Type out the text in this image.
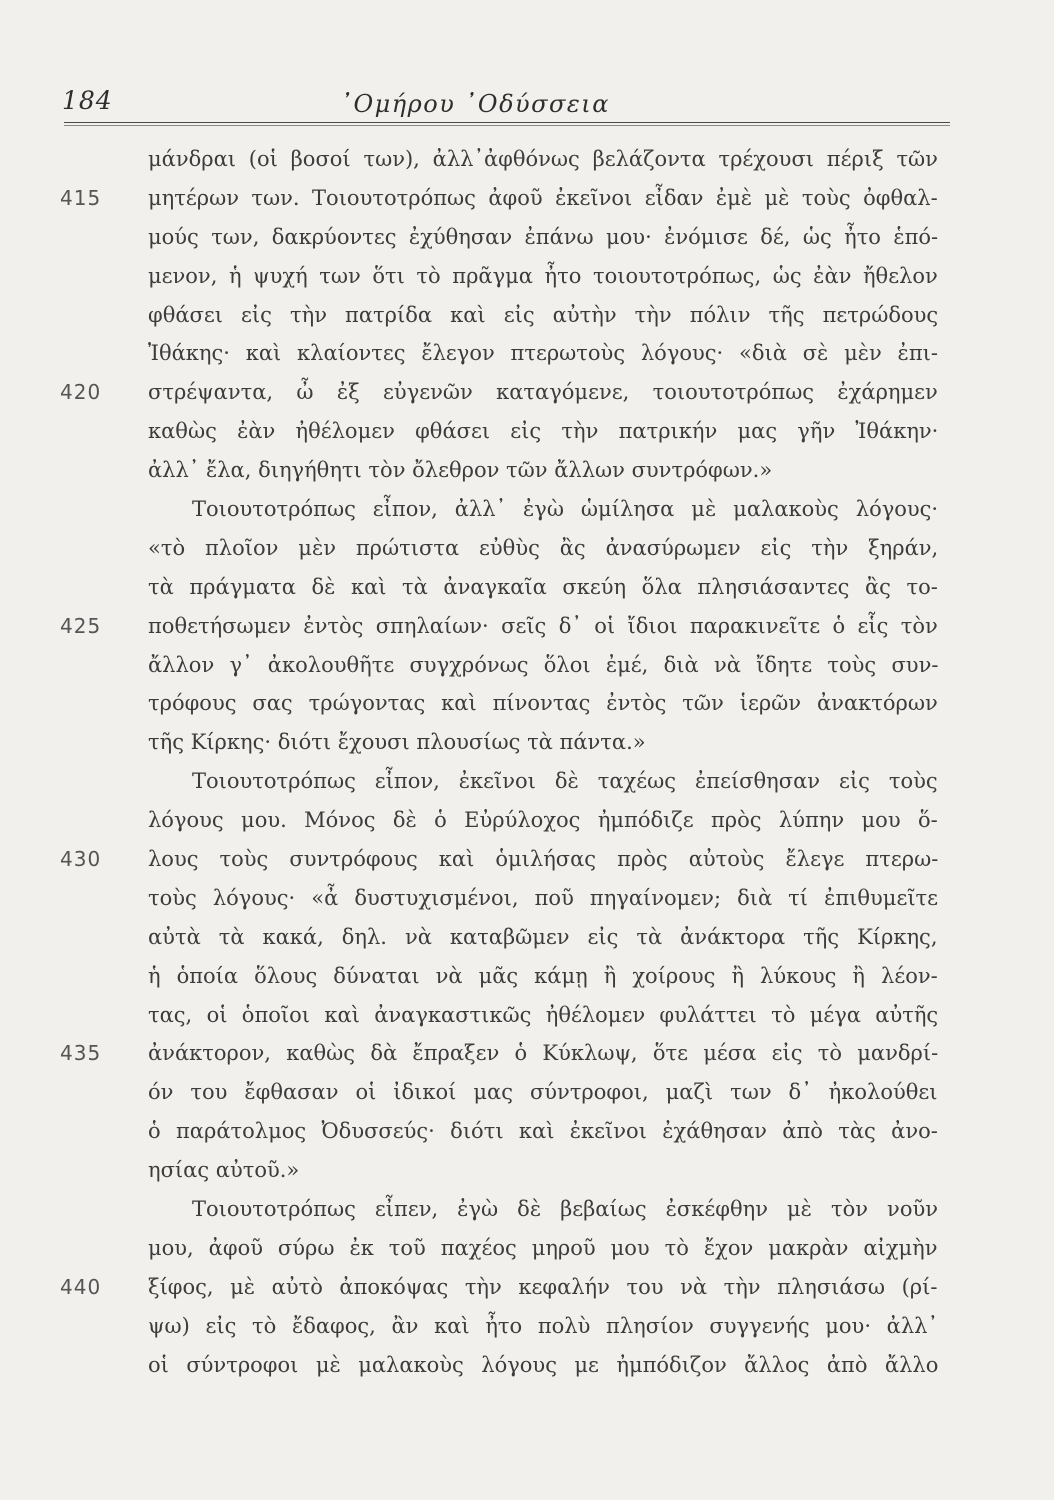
184	᾿Ομήρου ᾿Οδύσσεια
μάνδραι (οἱ βοσοί των), ἀλλ᾽ἀφθόνως βελάζοντα τρέχουσι πέριξ τῶν
415	μητέρων των. Τοιουτοτρόπως ἀφοῦ ἐκεῖνοι εἶδαν ἐμὲ μὲ τοὺς ὀφθαλ-
μούς των, δακρύοντες ἐχύθησαν ἐπάνω μου· ἐνόμισε δέ, ὡς ἦτο ἑπό-
μενον, ἡ ψυχή των ὅτι τὸ πρᾶγμα ἦτο τοιουτοτρόπως, ὡς ἐὰν ἤθελον
φθάσει εἰς τὴν πατρίδα καὶ εἰς αὐτὴν τὴν πόλιν τῆς πετρώδους
Ἰθάκης· καὶ κλαίοντες ἔλεγον πτερωτοὺς λόγους· «διὰ σὲ μὲν ἐπι-
420	στρέψαντα, ὦ ἐξ εὐγενῶν καταγόμενε, τοιουτοτρόπως ἐχάρημεν
καθὼς ἐὰν ἠθέλομεν φθάσει εἰς τὴν πατρικήν μας γῆν Ἰθάκην·
ἀλλ᾽ ἔλα, διηγήθητι τὸν ὄλεθρον τῶν ἄλλων συντρόφων.»
Τοιουτοτρόπως εἶπον, ἀλλ᾽ ἐγὼ ὡμίλησα μὲ μαλακοὺς λόγους·
«τὸ πλοῖον μὲν πρώτιστα εὐθὺς ἂς ἀνασύρωμεν εἰς τὴν ξηράν,
τὰ πράγματα δὲ καὶ τὰ ἀναγκαῖα σκεύη ὅλα πλησιάσαντες ἂς το-
425	ποθετήσωμεν ἐντὸς σπηλαίων· σεῖς δ᾽ οἱ ἴδιοι παρακινεῖτε ὁ εἷς τὸν
ἄλλον γ᾽ ἀκολουθῆτε συγχρόνως ὅλοι ἐμέ, διὰ νὰ ἴδητε τοὺς συν-
τρόφους σας τρώγοντας καὶ πίνοντας ἐντὸς τῶν ἱερῶν ἀνακτόρων
τῆς Κίρκης· διότι ἔχουσι πλουσίως τὰ πάντα.»
Τοιουτοτρόπως εἶπον, ἐκεῖνοι δὲ ταχέως ἐπείσθησαν εἰς τοὺς
λόγους μου. Μόνος δὲ ὁ Εὐρύλοχος ἠμπόδιζε πρὸς λύπην μου ὅ-
430	λους τοὺς συντρόφους καὶ ὁμιλήσας πρὸς αὐτοὺς ἔλεγε πτερω-
τοὺς λόγους· «ἆ δυστυχισμένοι, ποῦ πηγαίνομεν; διὰ τί ἐπιθυμεῖτε
αὐτὰ τὰ κακά, δηλ. νὰ καταβῶμεν εἰς τὰ ἀνάκτορα τῆς Κίρκης,
ἡ ὁποία ὅλους δύναται νὰ μᾶς κάμῃ ἢ χοίρους ἢ λύκους ἢ λέον-
τας, οἱ ὁποῖοι καὶ ἀναγκαστικῶς ἠθέλομεν φυλάττει τὸ μέγα αὐτῆς
435	ἀνάκτορον, καθὼς δὰ ἔπραξεν ὁ Κύκλωψ, ὅτε μέσα εἰς τὸ μανδρί-
όν του ἔφθασαν οἱ ἰδικοί μας σύντροφοι, μαζὶ των δ᾽ ἠκολούθει
ὁ παράτολμος Ὀδυσσεύς· διότι καὶ ἐκεῖνοι ἐχάθησαν ἀπὸ τὰς ἀνο-
ησίας αὐτοῦ.»
Τοιουτοτρόπως εἶπεν, ἐγὼ δὲ βεβαίως ἐσκέφθην μὲ τὸν νοῦν
μου, ἀφοῦ σύρω ἐκ τοῦ παχέος μηροῦ μου τὸ ἔχον μακρὰν αἰχμὴν
440	ξίφος, μὲ αὐτὸ ἀποκόψας τὴν κεφαλήν του νὰ τὴν πλησιάσω (ρί-
ψω) εἰς τὸ ἔδαφος, ἂν καὶ ἦτο πολὺ πλησίον συγγενής μου· ἀλλ᾽
οἱ σύντροφοι μὲ μαλακοὺς λόγους με ἠμπόδιζον ἄλλος ἀπὸ ἄλλο
